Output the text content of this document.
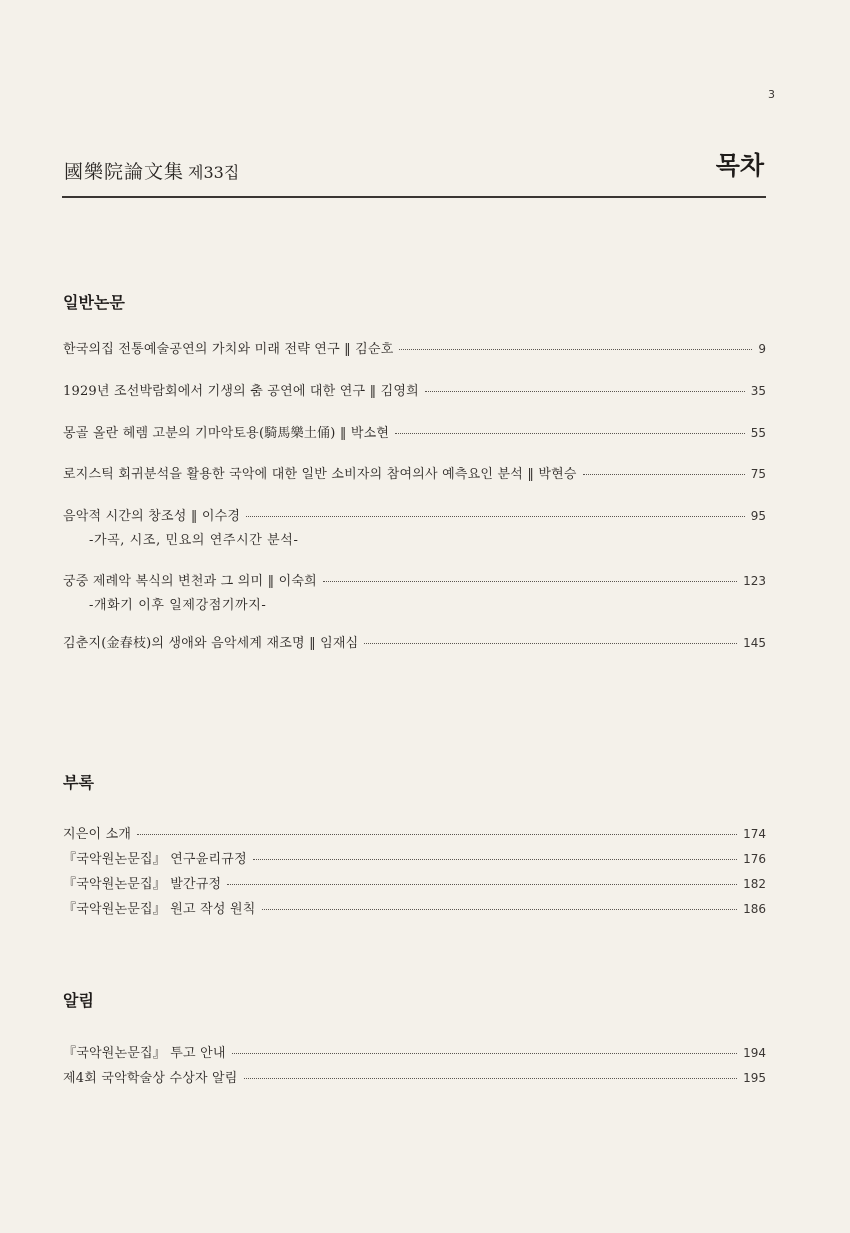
3
國樂院論文集 제33집	목차
일반논문
한국의집 전통예술공연의 가치와 미래 전략 연구 ‖ 김순호	9
1929년 조선박람회에서 기생의 춤 공연에 대한 연구 ‖ 김영희	35
몽골 올란 헤렘 고분의 기마악토용(騎馬樂土俑) ‖ 박소현	55
로지스틱 회귀분석을 활용한 국악에 대한 일반 소비자의 참여의사 예측요인 분석 ‖ 박현승	75
음악적 시간의 창조성 ‖ 이수경	95
-가곡, 시조, 민요의 연주시간 분석-
궁중 제례악 복식의 변천과 그 의미 ‖ 이숙희	123
-개화기 이후 일제강점기까지-
김춘지(金春枝)의 생애와 음악세계 재조명 ‖ 임재심	145
부록
지은이 소개	174
『국악원논문집』 연구윤리규정	176
『국악원논문집』 발간규정	182
『국악원논문집』 원고 작성 원칙	186
알림
『국악원논문집』 투고 안내	194
제4회 국악학술상 수상자 알림	195
